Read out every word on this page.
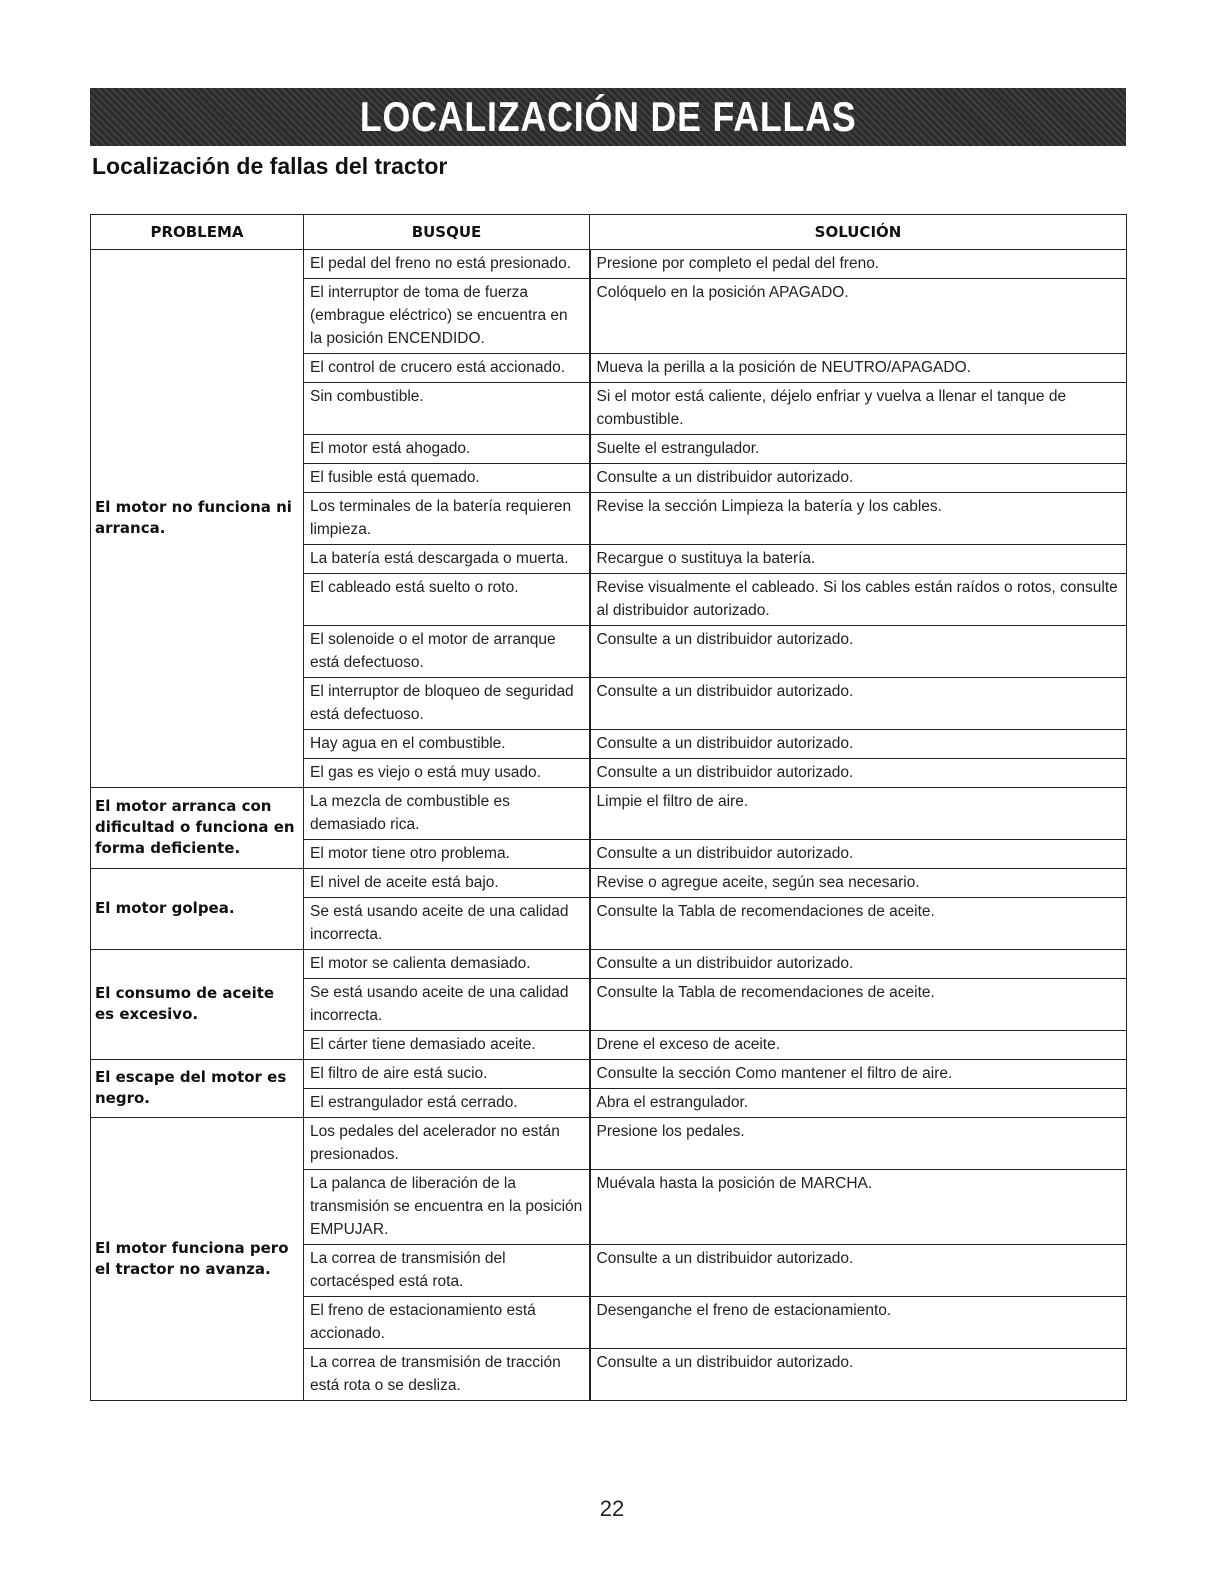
LOCALIZACIÓN DE FALLAS
Localización de fallas del tractor
PROBLEMA	BUSQUE	SOLUCIÓN
El motor no funciona ni arranca.	El pedal del freno no está presionado.	Presione por completo el pedal del freno.
	El interruptor de toma de fuerza (embrague eléctrico) se encuentra en la posición ENCENDIDO.	Colóquelo en la posición APAGADO.
	El control de crucero está accionado.	Mueva la perilla a la posición de NEUTRO/APAGADO.
	Sin combustible.	Si el motor está caliente, déjelo enfriar y vuelva a llenar el tanque de combustible.
	El motor está ahogado.	Suelte el estrangulador.
	El fusible está quemado.	Consulte a un distribuidor autorizado.
	Los terminales de la batería requieren limpieza.	Revise la sección Limpieza la batería y los cables.
	La batería está descargada o muerta.	Recargue o sustituya la batería.
	El cableado está suelto o roto.	Revise visualmente el cableado. Si los cables están raídos o rotos, consulte al distribuidor autorizado.
	El solenoide o el motor de arranque está defectuoso.	Consulte a un distribuidor autorizado.
	El interruptor de bloqueo de seguridad está defectuoso.	Consulte a un distribuidor autorizado.
	Hay agua en el combustible.	Consulte a un distribuidor autorizado.
	El gas es viejo o está muy usado.	Consulte a un distribuidor autorizado.
El motor arranca con dificultad o funciona en forma deficiente.	La mezcla de combustible es demasiado rica.	Limpie el filtro de aire.
	El motor tiene otro problema.	Consulte a un distribuidor autorizado.
El motor golpea.	El nivel de aceite está bajo.	Revise o agregue aceite, según sea necesario.
	Se está usando aceite de una calidad incorrecta.	Consulte la Tabla de recomendaciones de aceite.
El consumo de aceite es excesivo.	El motor se calienta demasiado.	Consulte a un distribuidor autorizado.
	Se está usando aceite de una calidad incorrecta.	Consulte la Tabla de recomendaciones de aceite.
	El cárter tiene demasiado aceite.	Drene el exceso de aceite.
El escape del motor es negro.	El filtro de aire está sucio.	Consulte la sección Como mantener el filtro de aire.
	El estrangulador está cerrado.	Abra el estrangulador.
El motor funciona pero el tractor no avanza.	Los pedales del acelerador no están presionados.	Presione los pedales.
	La palanca de liberación de la transmisión se encuentra en la posición EMPUJAR.	Muévala hasta la posición de MARCHA.
	La correa de transmisión del cortacésped está rota.	Consulte a un distribuidor autorizado.
	El freno de estacionamiento está accionado.	Desenganche el freno de estacionamiento.
	La correa de transmisión de tracción está rota o se desliza.	Consulte a un distribuidor autorizado.
22
